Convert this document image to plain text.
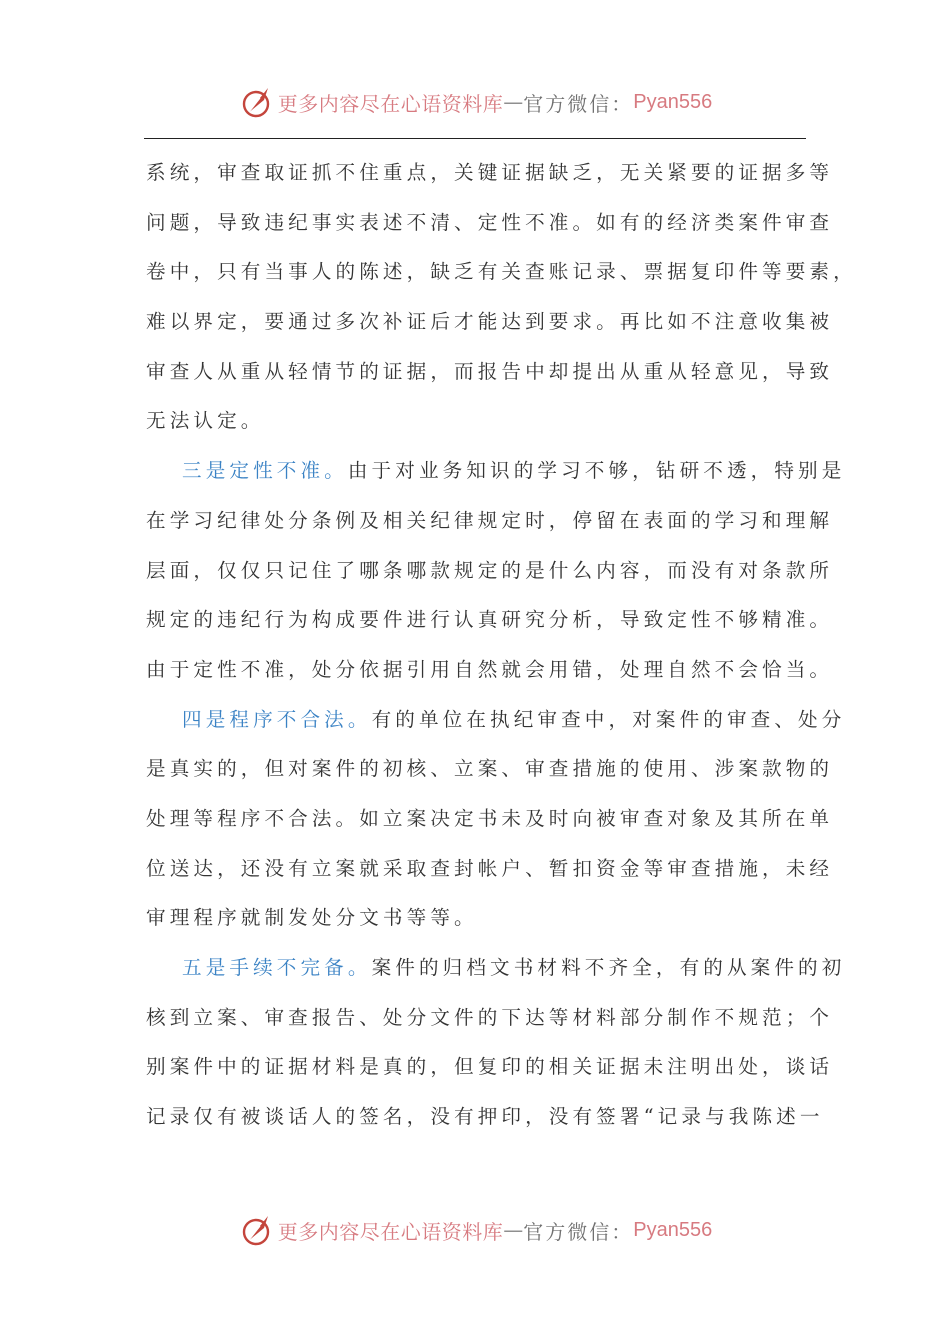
更多内容尽在心语资料库 — 官方微信： Pyan556
系统，审查取证抓不住重点，关键证据缺乏，无关紧要的证据多等
问题，导致违纪事实表述不清、定性不准。如有的经济类案件审查
卷中，只有当事人的陈述，缺乏有关查账记录、票据复印件等要素，
难以界定，要通过多次补证后才能达到要求。再比如不注意收集被
审查人从重从轻情节的证据，而报告中却提出从重从轻意见，导致
无法认定。
三是定性不准。由于对业务知识的学习不够，钻研不透，特别是
在学习纪律处分条例及相关纪律规定时，停留在表面的学习和理解
层面，仅仅只记住了哪条哪款规定的是什么内容，而没有对条款所
规定的违纪行为构成要件进行认真研究分析，导致定性不够精准。
由于定性不准，处分依据引用自然就会用错，处理自然不会恰当。
四是程序不合法。有的单位在执纪审查中，对案件的审查、处分
是真实的，但对案件的初核、立案、审查措施的使用、涉案款物的
处理等程序不合法。如立案决定书未及时向被审查对象及其所在单
位送达，还没有立案就采取查封帐户、暂扣资金等审查措施，未经
审理程序就制发处分文书等等。
五是手续不完备。案件的归档文书材料不齐全，有的从案件的初
核到立案、审查报告、处分文件的下达等材料部分制作不规范；个
别案件中的证据材料是真的，但复印的相关证据未注明出处，谈话
记录仅有被谈话人的签名，没有押印，没有签署“记录与我陈述一
更多内容尽在心语资料库 — 官方微信： Pyan556
